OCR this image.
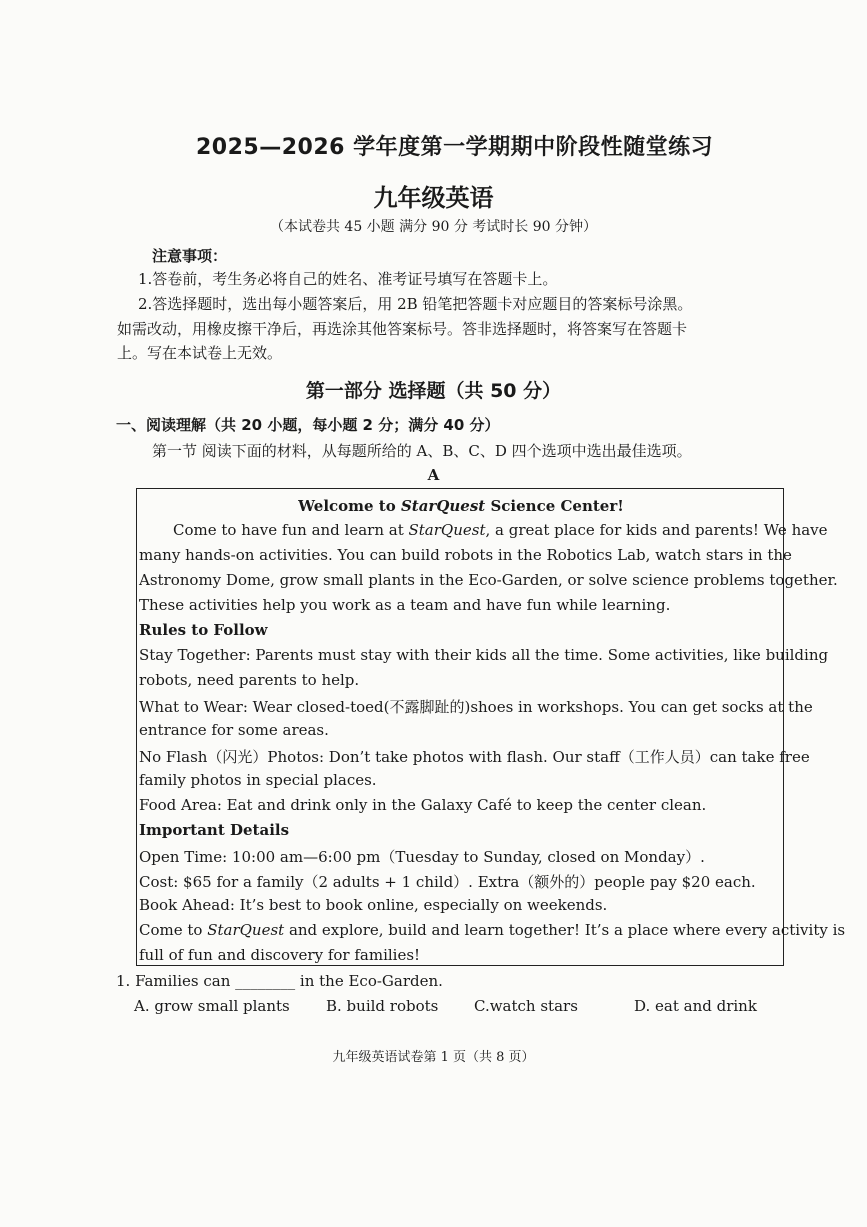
2025—2026 学年度第一学期期中阶段性随堂练习
九年级英语
（本试卷共 45 小题 满分 90 分 考试时长 90 分钟）
注意事项：
1.答卷前，考生务必将自己的姓名、准考证号填写在答题卡上。
2.答选择题时，选出每小题答案后，用 2B 铅笔把答题卡对应题目的答案标号涂黑。
如需改动，用橡皮擦干净后，再选涂其他答案标号。答非选择题时，将答案写在答题卡
上。写在本试卷上无效。
第一部分 选择题（共 50 分）
一、阅读理解（共 20 小题，每小题 2 分；满分 40 分）
第一节 阅读下面的材料，从每题所给的 A、B、C、D 四个选项中选出最佳选项。
A
Welcome to StarQuest Science Center!
Come to have fun and learn at StarQuest, a great place for kids and parents! We have
many hands-on activities. You can build robots in the Robotics Lab, watch stars in the
Astronomy Dome, grow small plants in the Eco-Garden, or solve science problems together.
These activities help you work as a team and have fun while learning.
Rules to Follow
Stay Together: Parents must stay with their kids all the time. Some activities, like building
robots, need parents to help.
What to Wear: Wear closed-toed(不露脚趾的)shoes in workshops. You can get socks at the
entrance for some areas.
No Flash（闪光）Photos: Don’t take photos with flash. Our staff（工作人员）can take free
family photos in special places.
Food Area: Eat and drink only in the Galaxy Café to keep the center clean.
Important Details
Open Time: 10:00 am—6:00 pm（Tuesday to Sunday, closed on Monday）.
Cost: $65 for a family（2 adults + 1 child）. Extra（额外的）people pay $20 each.
Book Ahead: It’s best to book online, especially on weekends.
Come to StarQuest and explore, build and learn together! It’s a place where every activity is
full of fun and discovery for families!
1. Families can ________ in the Eco-Garden.
A. grow small plants B. build robots C.watch stars	D. eat and drink
九年级英语试卷第 1 页（共 8 页）
